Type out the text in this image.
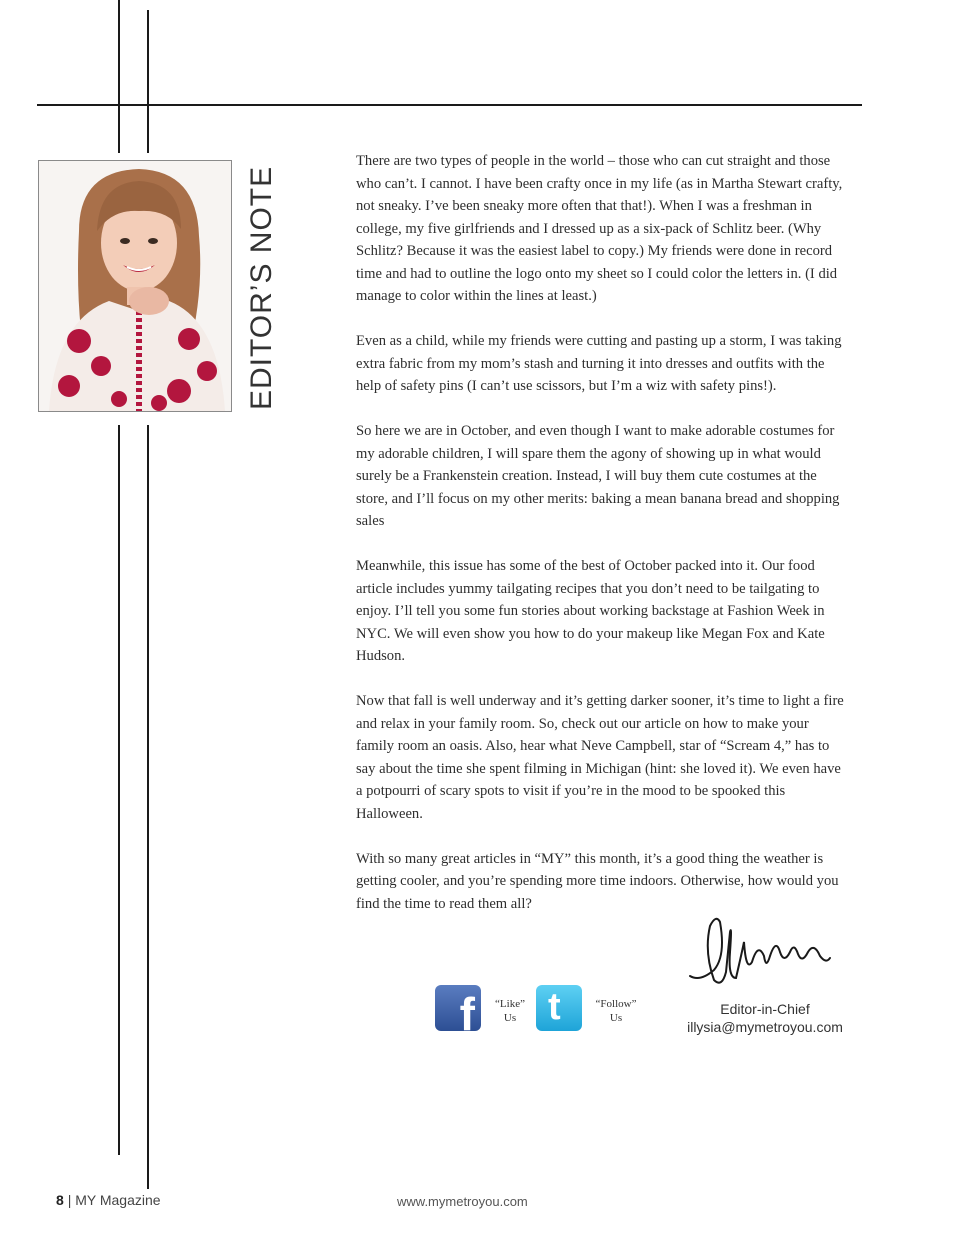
EDITOR’S NOTE

There are two types of people in the world – those who can cut straight and those who can’t. I cannot. I have been crafty once in my life (as in Martha Stewart crafty, not sneaky. I’ve been sneaky more often that that!). When I was a freshman in college, my five girlfriends and I dressed up as a six-pack of Schlitz beer. (Why Schlitz? Because it was the easiest label to copy.) My friends were done in record time and had to outline the logo onto my sheet so I could color the letters in. (I did manage to color within the lines at least.)

Even as a child, while my friends were cutting and pasting up a storm, I was taking extra fabric from my mom’s stash and turning it into dresses and outfits with the help of safety pins (I can’t use scissors, but I’m a wiz with safety pins!).

So here we are in October, and even though I want to make adorable costumes for my adorable children, I will spare them the agony of showing up in what would surely be a Frankenstein creation. Instead, I will buy them cute costumes at the store, and I’ll focus on my other merits: baking a mean banana bread and shopping sales

Meanwhile, this issue has some of the best of October packed into it. Our food article includes yummy tailgating recipes that you don’t need to be tailgating to enjoy. I’ll tell you some fun stories about working backstage at Fashion Week in NYC. We will even show you how to do your makeup like Megan Fox and Kate Hudson.

Now that fall is well underway and it’s getting darker sooner, it’s time to light a fire and relax in your family room. So, check out our article on how to make your family room an oasis. Also, hear what Neve Campbell, star of “Scream 4,” has to say about the time she spent filming in Michigan (hint: she loved it). We even have a potpourri of scary spots to visit if you’re in the mood to be spooked this Halloween.

With so many great articles in “MY” this month, it’s a good thing the weather is getting cooler, and you’re spending more time indoors. Otherwise, how would you find the time to read them all?

f	“Like”
Us t	“Follow”
Us
Editor-in-Chief
illysia@mymetroyou.com
8 | MY Magazine	www.mymetroyou.com
